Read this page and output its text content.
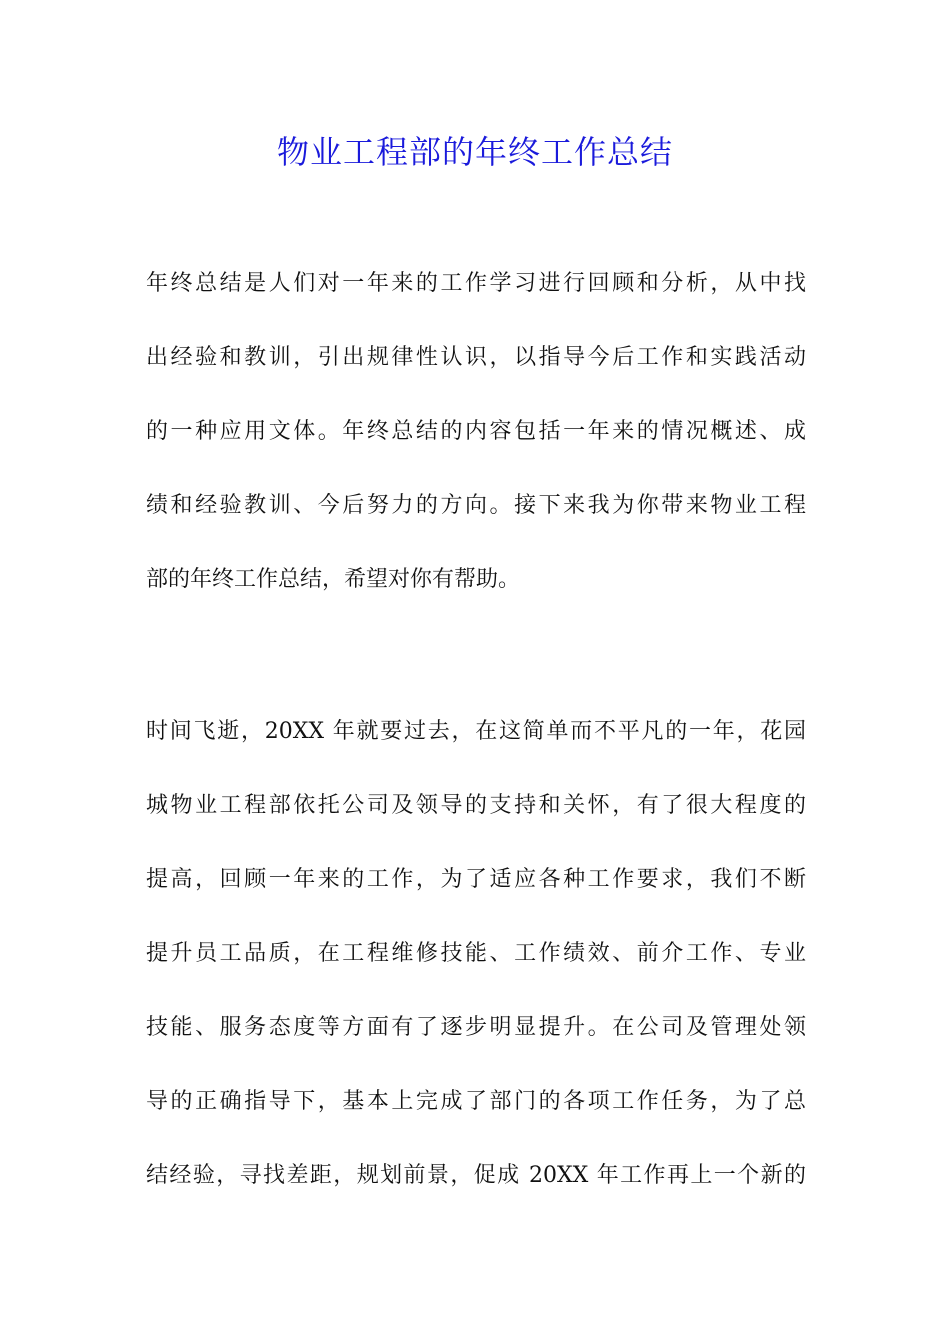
物业工程部的年终工作总结
年终总结是人们对一年来的工作学习进行回顾和分析，从中找
出经验和教训，引出规律性认识，以指导今后工作和实践活动
的一种应用文体。年终总结的内容包括一年来的情况概述、成
绩和经验教训、今后努力的方向。接下来我为你带来物业工程
部的年终工作总结，希望对你有帮助。
时间飞逝，20XX 年就要过去，在这简单而不平凡的一年，花园
城物业工程部依托公司及领导的支持和关怀，有了很大程度的
提高，回顾一年来的工作，为了适应各种工作要求，我们不断
提升员工品质，在工程维修技能、工作绩效、前介工作、专业
技能、服务态度等方面有了逐步明显提升。在公司及管理处领
导的正确指导下，基本上完成了部门的各项工作任务，为了总
结经验，寻找差距，规划前景，促成 20XX 年工作再上一个新的
